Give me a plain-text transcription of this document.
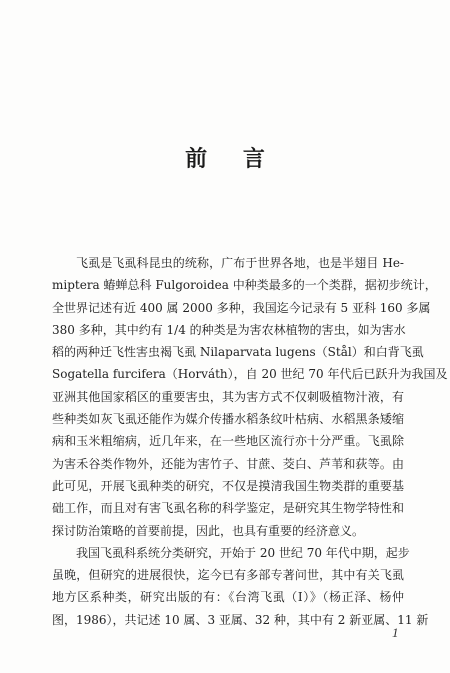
前 言
飞虱是飞虱科昆虫的统称，广布于世界各地，也是半翅目 He-
miptera 蝽蝉总科 Fulgoroidea 中种类最多的一个类群，据初步统计，
全世界记述有近 400 属 2000 多种，我国迄今记录有 5 亚科 160 多属
380 多种，其中约有 1/4 的种类是为害农林植物的害虫，如为害水
稻的两种迁飞性害虫褐飞虱 Nilaparvata lugens（Stål）和白背飞虱
Sogatella furcifera（Horváth），自 20 世纪 70 年代后已跃升为我国及
亚洲其他国家稻区的重要害虫，其为害方式不仅刺吸植物汁液，有
些种类如灰飞虱还能作为媒介传播水稻条纹叶枯病、水稻黑条矮缩
病和玉米粗缩病，近几年来，在一些地区流行亦十分严重。飞虱除
为害禾谷类作物外，还能为害竹子、甘蔗、茭白、芦苇和荻等。由
此可见，开展飞虱种类的研究，不仅是摸清我国生物类群的重要基
础工作，而且对有害飞虱名称的科学鉴定，是研究其生物学特性和
探讨防治策略的首要前提，因此，也具有重要的经济意义。
我国飞虱科系统分类研究，开始于 20 世纪 70 年代中期，起步
虽晚，但研究的进展很快，迄今已有多部专著问世，其中有关飞虱
地方区系种类，研究出版的有：《台湾飞虱（Ⅰ）》（杨正泽、杨仲
图，1986），共记述 10 属、3 亚属、32 种，其中有 2 新亚属、11 新
1
